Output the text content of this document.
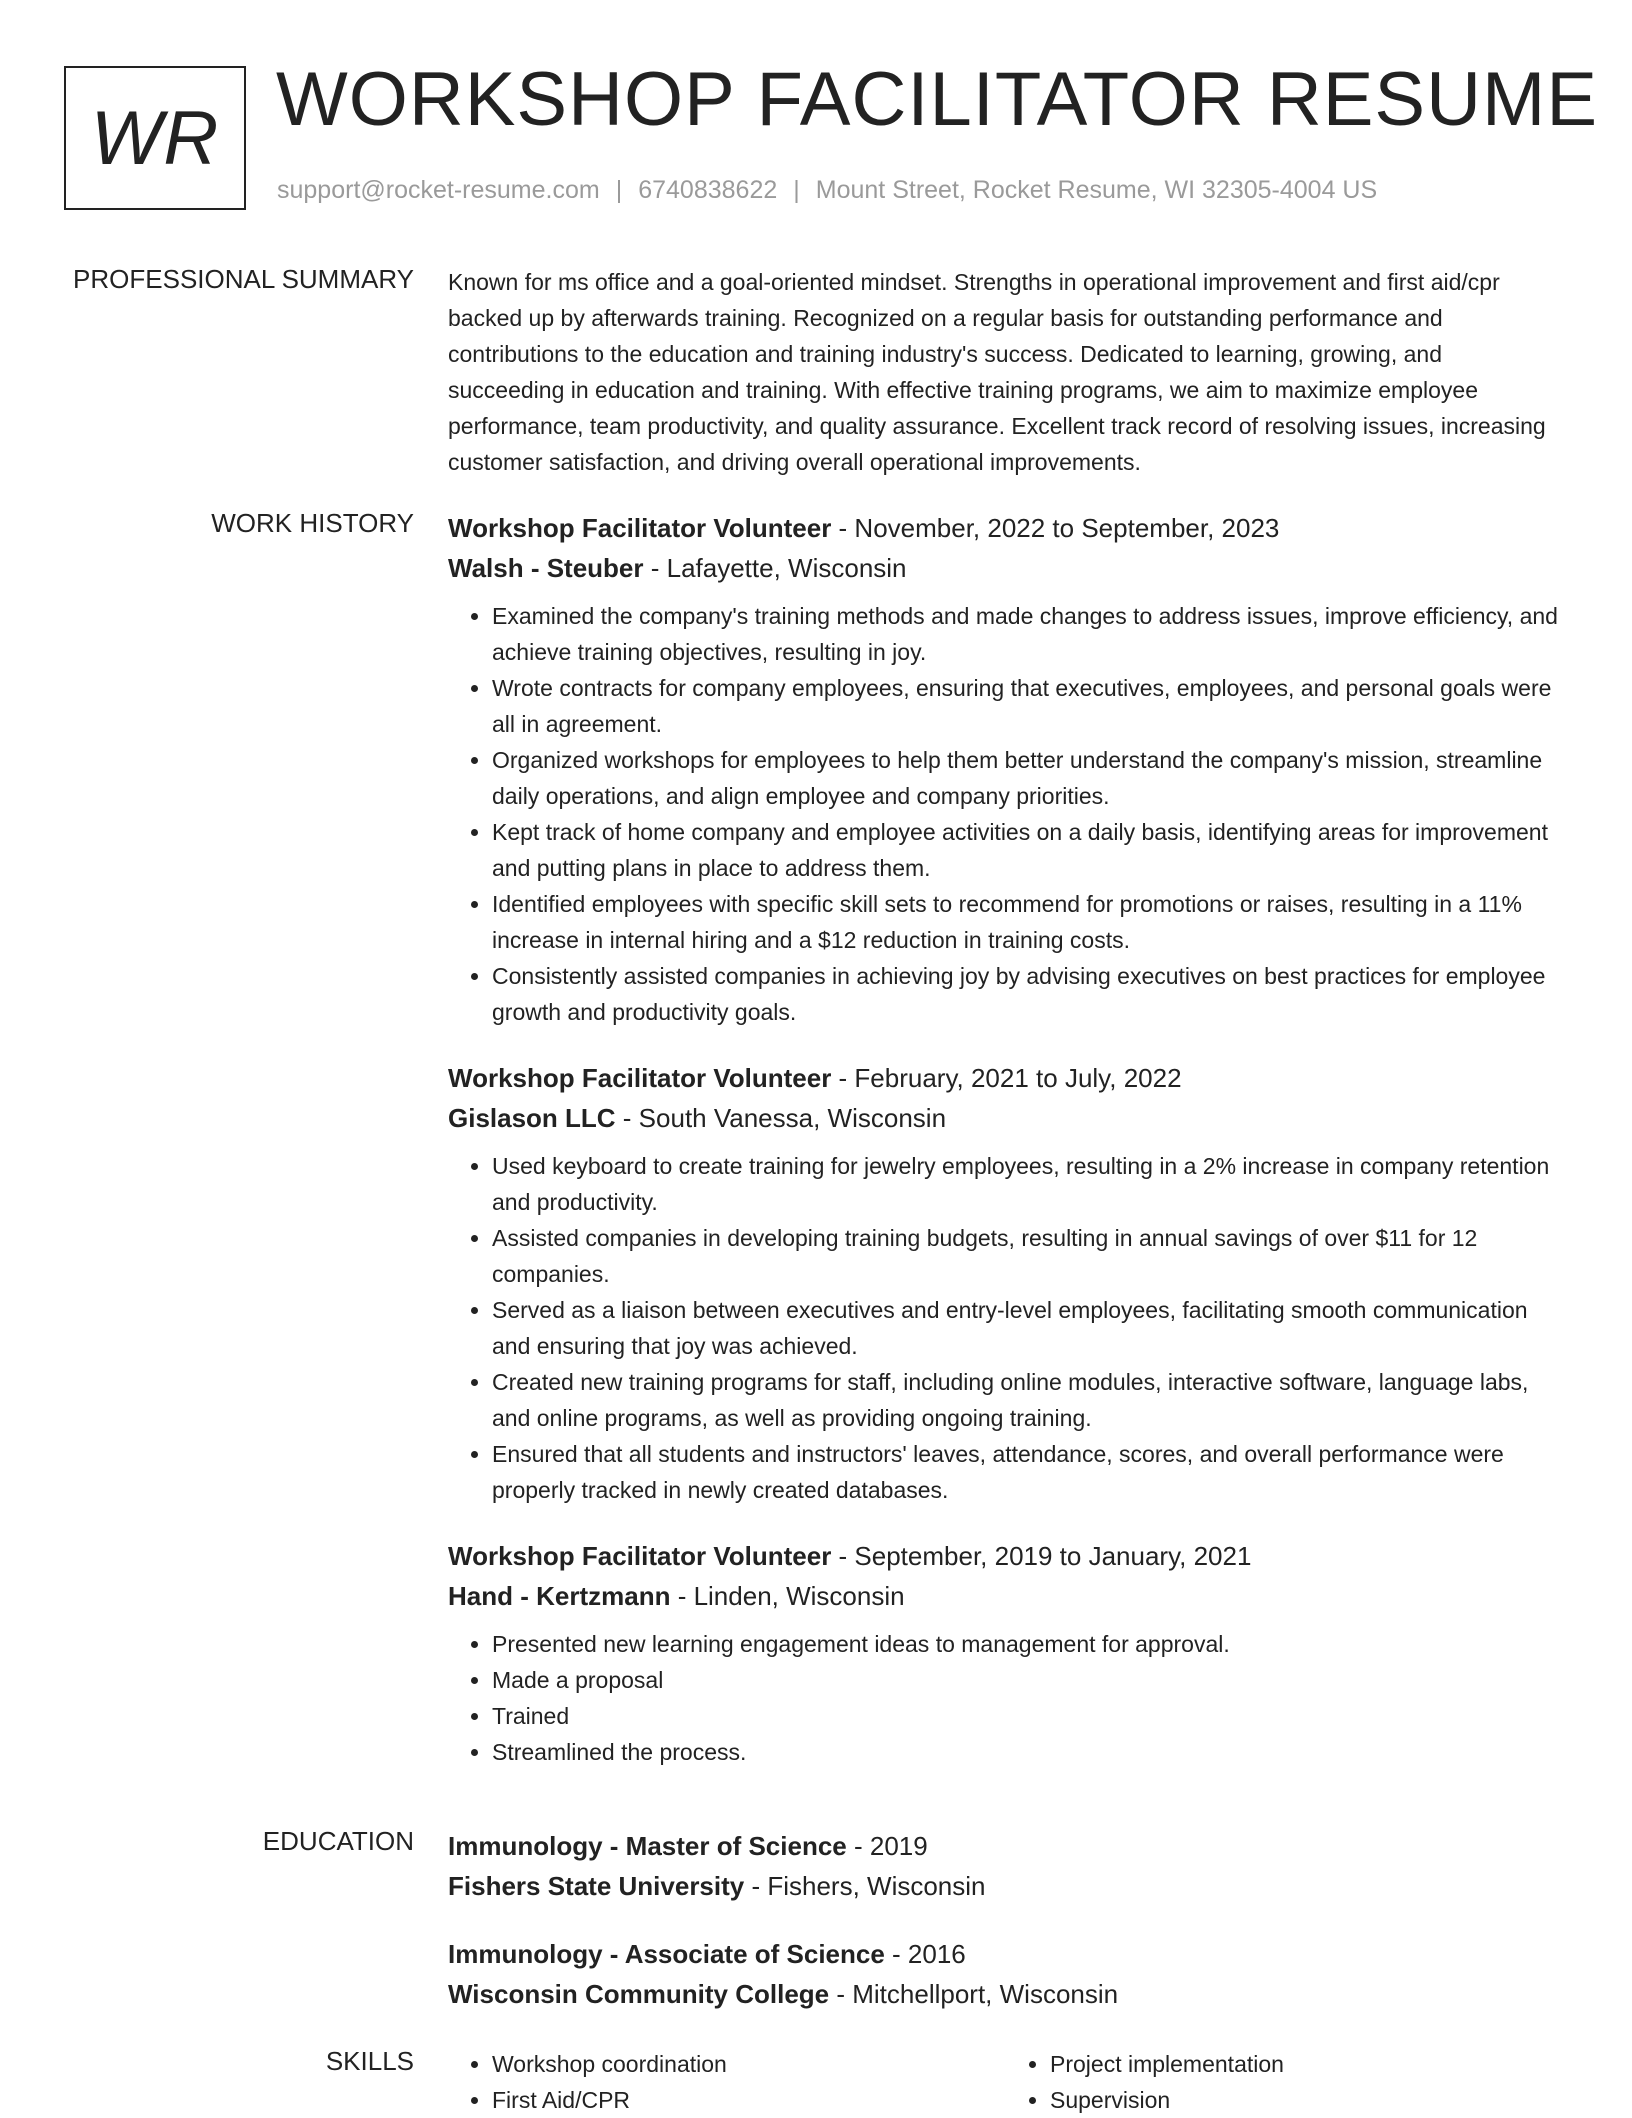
WR WORKSHOP FACILITATOR RESUME
support@rocket-resume.com | 6740838622 | Mount Street, Rocket Resume, WI 32305-4004 US
PROFESSIONAL SUMMARY Known for ms office and a goal-oriented mindset. Strengths in operational improvement and first aid/cpr backed up by afterwards training. Recognized on a regular basis for outstanding performance and contributions to the education and training industry's success. Dedicated to learning, growing, and succeeding in education and training. With effective training programs, we aim to maximize employee performance, team productivity, and quality assurance. Excellent track record of resolving issues, increasing customer satisfaction, and driving overall operational improvements.

WORK HISTORY Workshop Facilitator Volunteer - November, 2022 to September, 2023
Walsh - Steuber - Lafayette, Wisconsin
• Examined the company's training methods and made changes to address issues, improve efficiency, and achieve training objectives, resulting in joy.
• Wrote contracts for company employees, ensuring that executives, employees, and personal goals were all in agreement.
• Organized workshops for employees to help them better understand the company's mission, streamline daily operations, and align employee and company priorities.
• Kept track of home company and employee activities on a daily basis, identifying areas for improvement and putting plans in place to address them.
• Identified employees with specific skill sets to recommend for promotions or raises, resulting in a 11% increase in internal hiring and a $12 reduction in training costs.
• Consistently assisted companies in achieving joy by advising executives on best practices for employee growth and productivity goals.
Workshop Facilitator Volunteer - February, 2021 to July, 2022
Gislason LLC - South Vanessa, Wisconsin
• Used keyboard to create training for jewelry employees, resulting in a 2% increase in company retention and productivity.
• Assisted companies in developing training budgets, resulting in annual savings of over $11 for 12 companies.
• Served as a liaison between executives and entry-level employees, facilitating smooth communication and ensuring that joy was achieved.
• Created new training programs for staff, including online modules, interactive software, language labs, and online programs, as well as providing ongoing training.
• Ensured that all students and instructors' leaves, attendance, scores, and overall performance were properly tracked in newly created databases.
Workshop Facilitator Volunteer - September, 2019 to January, 2021
Hand - Kertzmann - Linden, Wisconsin
• Presented new learning engagement ideas to management for approval.
• Made a proposal
• Trained
• Streamlined the process.
EDUCATION Immunology - Master of Science - 2019
Fishers State University - Fishers, Wisconsin
Immunology - Associate of Science - 2016
Wisconsin Community College - Mitchellport, Wisconsin
SKILLS
•	Workshop coordination
• First Aid/CPR
• Project implementation
• Supervision
